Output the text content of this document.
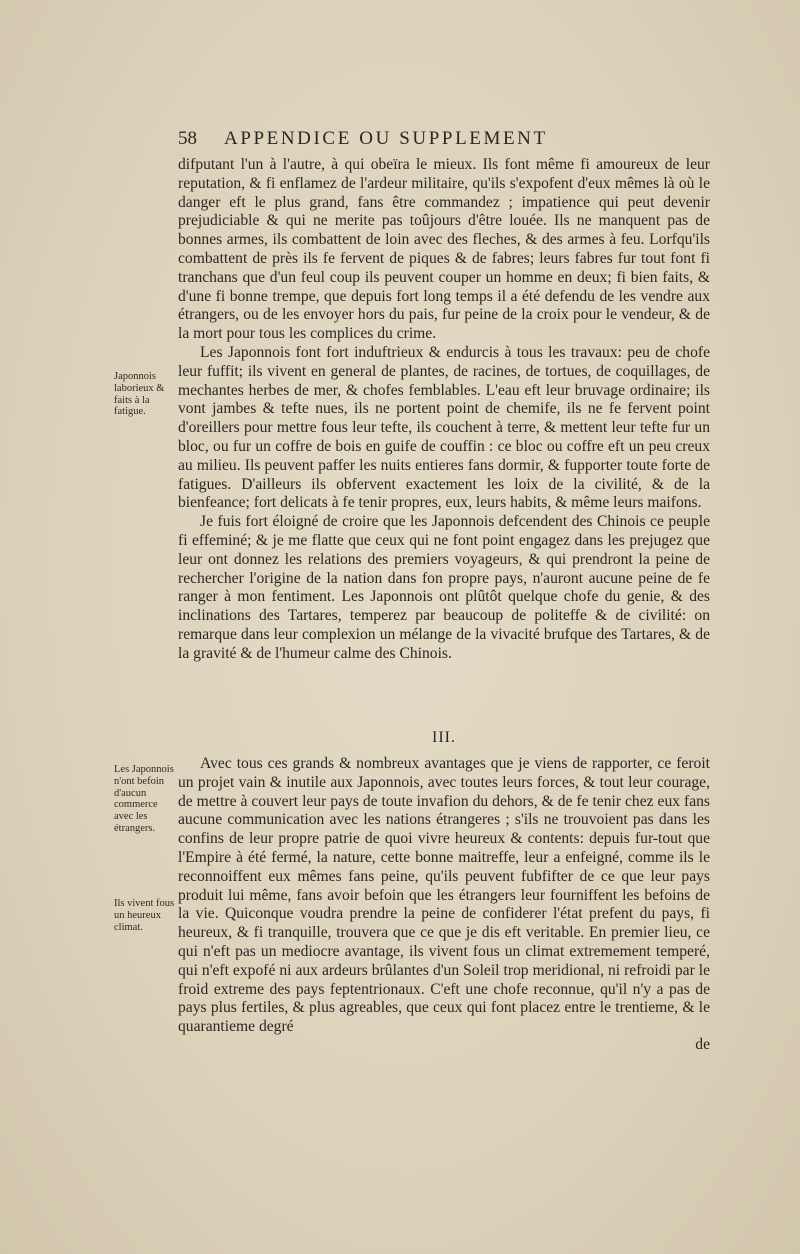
58 APPENDICE OU SUPPLEMENT

difputant l'un à l'autre, à qui obeïra le mieux. Ils font même fi amoureux de leur reputation, & fi enflamez de l'ardeur militaire, qu'ils s'expofent d'eux mêmes là où le danger eft le plus grand, fans être commandez ; impatience qui peut devenir prejudiciable & qui ne merite pas toûjours d'être louée. Ils ne manquent pas de bonnes armes, ils combattent de loin avec des fleches, & des armes à feu. Lorfqu'ils combattent de près ils fe fervent de piques & de fabres; leurs fabres fur tout font fi tranchans que d'un feul coup ils peuvent couper un homme en deux; fi bien faits, & d'une fi bonne trempe, que depuis fort long temps il a été defendu de les vendre aux étrangers, ou de les envoyer hors du pais, fur peine de la croix pour le vendeur, & de la mort pour tous les complices du crime.

Les Japonnois font fort induftrieux & endurcis à tous les travaux: peu de chofe leur fuffit; ils vivent en general de plantes, de racines, de tortues, de coquillages, de mechantes herbes de mer, & chofes femblables. L'eau eft leur bruvage ordinaire; ils vont jambes & tefte nues, ils ne portent point de chemife, ils ne fe fervent point d'oreillers pour mettre fous leur tefte, ils couchent à terre, & mettent leur tefte fur un bloc, ou fur un coffre de bois en guife de couffin : ce bloc ou coffre eft un peu creux au milieu. Ils peuvent paffer les nuits entieres fans dormir, & fupporter toute forte de fatigues. D'ailleurs ils obfervent exactement les loix de la civilité, & de la bienfeance; fort delicats à fe tenir propres, eux, leurs habits, & même leurs maifons.

Je fuis fort éloigné de croire que les Japonnois defcendent des Chinois ce peuple fi effeminé; & je me flatte que ceux qui ne font point engagez dans les prejugez que leur ont donnez les relations des premiers voyageurs, & qui prendront la peine de rechercher l'origine de la nation dans fon propre pays, n'auront aucune peine de fe ranger à mon fentiment. Les Japonnois ont plûtôt quelque chofe du genie, & des inclinations des Tartares, temperez par beaucoup de politeffe & de civilité: on remarque dans leur complexion un mélange de la vivacité brufque des Tartares, & de la gravité & de l'humeur calme des Chinois.

Japonnois laborieux & faits à la fatigue.
III.

Avec tous ces grands & nombreux avantages que je viens de rapporter, ce feroit un projet vain & inutile aux Japonnois, avec toutes leurs forces, & tout leur courage, de mettre à couvert leur pays de toute invafion du dehors, & de fe tenir chez eux fans aucune communication avec les nations étrangeres ; s'ils ne trouvoient pas dans les confins de leur propre patrie de quoi vivre heureux & contents: depuis fur-tout que l'Empire à été fermé, la nature, cette bonne maitreffe, leur a enfeigné, comme ils le reconnoiffent eux mêmes fans peine, qu'ils peuvent fubfifter de ce que leur pays produit lui même, fans avoir befoin que les étrangers leur fourniffent les befoins de la vie. Quiconque voudra prendre la peine de confiderer l'état prefent du pays, fi heureux, & fi tranquille, trouvera que ce que je dis eft veritable. En premier lieu, ce qui n'eft pas un mediocre avantage, ils vivent fous un climat extremement temperé, qui n'eft expofé ni aux ardeurs brûlantes d'un Soleil trop meridional, ni refroidi par le froid extreme des pays feptentrionaux. C'eft une chofe reconnue, qu'il n'y a pas de pays plus fertiles, & plus agreables, que ceux qui font placez entre le trentieme, & le quarantieme degré

Les Japonnois n'ont befoin d'aucun commerce avec les étrangers.
Ils vivent fous un heureux climat.
de
